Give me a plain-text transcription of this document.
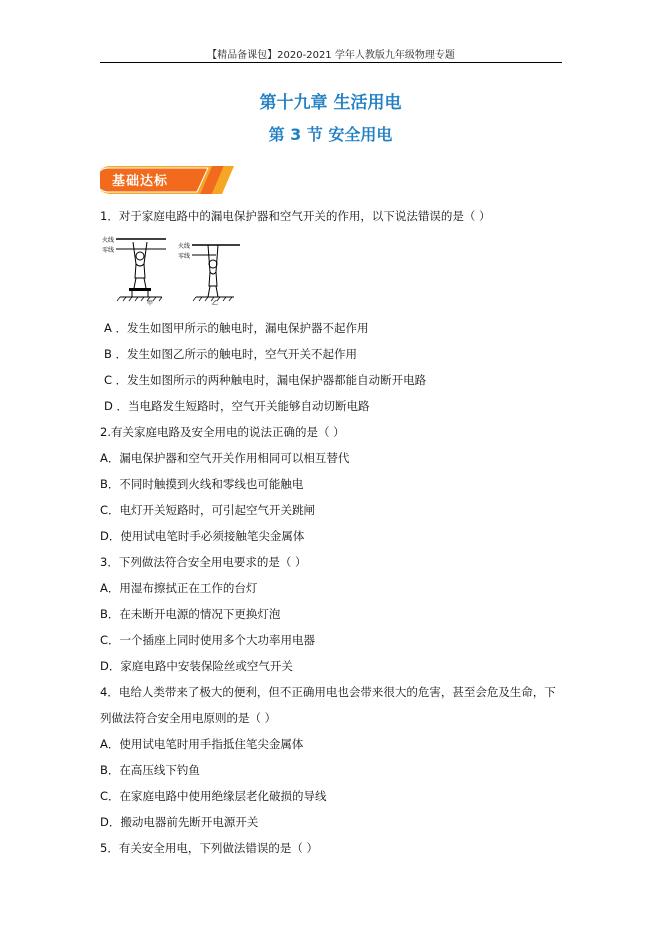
【精品备课包】2020-2021 学年人教版九年级物理专题
第十九章 生活用电
第 3 节 安全用电
基础达标
1．对于家庭电路中的漏电保护器和空气开关的作用，以下说法错误的是（ ）
火线
零线
甲
火线
零线
乙
A ．发生如图甲所示的触电时，漏电保护器不起作用
B ．发生如图乙所示的触电时，空气开关不起作用
C ．发生如图所示的两种触电时，漏电保护器都能自动断开电路
D ．当电路发生短路时，空气开关能够自动切断电路
2.有关家庭电路及安全用电的说法正确的是（ ）
A．漏电保护器和空气开关作用相同可以相互替代
B．不同时触摸到火线和零线也可能触电
C．电灯开关短路时，可引起空气开关跳闸
D．使用试电笔时手必须接触笔尖金属体
3．下列做法符合安全用电要求的是（ ）
A．用湿布擦拭正在工作的台灯
B．在未断开电源的情况下更换灯泡
C．一个插座上同时使用多个大功率用电器
D．家庭电路中安装保险丝或空气开关
4．电给人类带来了极大的便利，但不正确用电也会带来很大的危害，甚至会危及生命，下
列做法符合安全用电原则的是（ ）
A．使用试电笔时用手指抵住笔尖金属体
B．在高压线下钓鱼
C．在家庭电路中使用绝缘层老化破损的导线
D．搬动电器前先断开电源开关
5．有关安全用电，下列做法错误的是（ ）
